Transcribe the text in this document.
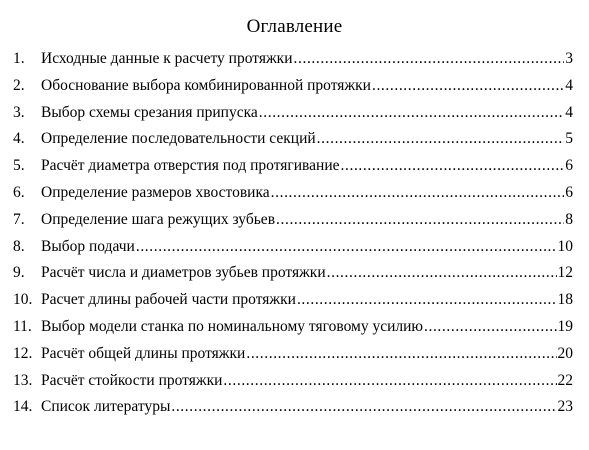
Оглавление
1.	Исходные данные к расчету протяжки .....	3
2.	Обоснование выбора комбинированной протяжки .....	4
3.	Выбор схемы срезания припуска .....	4
4.	Определение последовательности секций .....	5
5.	Расчёт диаметра отверстия под протягивание .....	6
6.	Определение размеров хвостовика .....	6
7.	Определение шага режущих зубьев .....	8
8.	Выбор подачи .....	10
9.	Расчёт числа и диаметров зубьев протяжки .....	12
10. Расчет длины рабочей части протяжки .....	18
11. Выбор модели станка по номинальному тяговому усилию .....	19
12. Расчёт общей длины протяжки .....	20
13. Расчёт стойкости протяжки .....	22
14. Список литературы .....	23
